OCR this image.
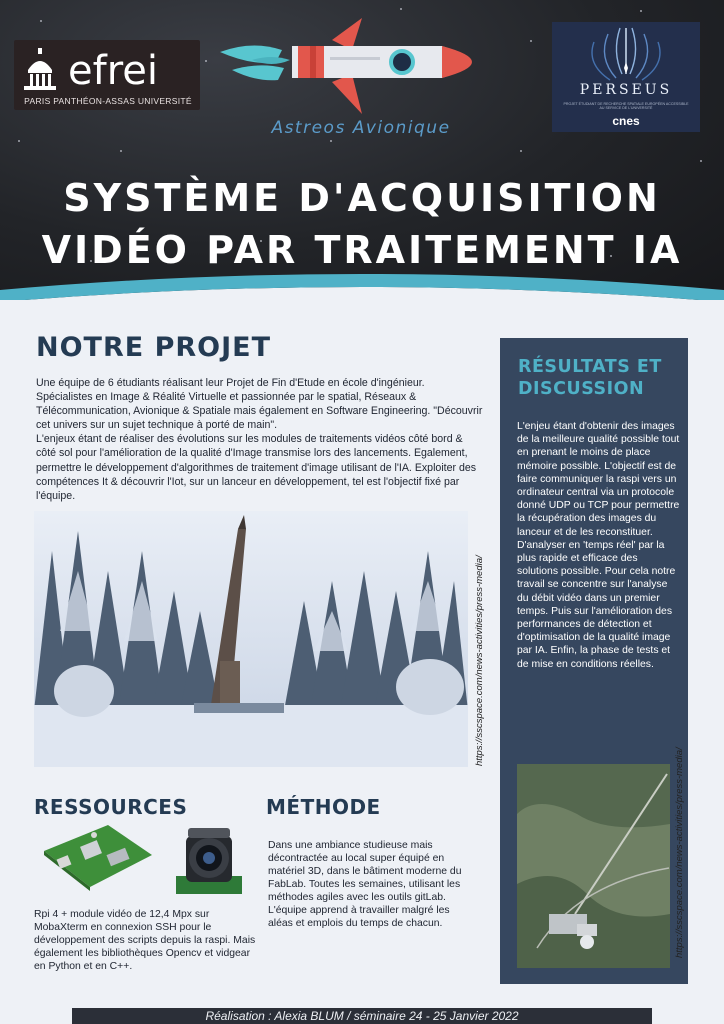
efrei
PARIS PANTHÉON-ASSAS UNIVERSITÉ
Astreos Avionique
PERSEUS
PROJET ÉTUDIANT DE RECHERCHE SPATIALE EUROPÉEN ACCESSIBLE AU SERVICE DE L'UNIVERSITÉ
cnes
SYSTÈME D'ACQUISITION
VIDÉO PAR TRAITEMENT IA
NOTRE PROJET

Une équipe de 6 étudiants réalisant leur Projet de Fin d'Etude en école d'ingénieur. Spécialistes en Image & Réalité Virtuelle et passionnée par le spatial, Réseaux & Télécommunication, Avionique & Spatiale mais également en Software Engineering. "Découvrir cet univers sur un sujet technique à porté de main".

L'enjeux étant de réaliser des évolutions sur les modules de traitements vidéos côté bord & côté sol pour l'amélioration de la qualité d'Image transmise lors des lancements. Egalement, permettre le développement d'algorithmes de traitement d'image utilisant de l'IA. Exploiter des compétences It & découvrir l'Iot, sur un lanceur en développement, tel est l'objectif fixé par l'équipe.

https://sscspace.com/news-activities/press-media/
RESSOURCES
Rpi 4 + module vidéo de 12,4 Mpx sur MobaXterm en connexion SSH pour le développement des scripts depuis la raspi. Mais également les bibliothèques Opencv et vidgear en Python et en C++.
MÉTHODE
Dans une ambiance studieuse mais décontractée au local super équipé en matériel 3D, dans le bâtiment moderne du FabLab. Toutes les semaines, utilisant les méthodes agiles avec les outils gitLab. L'équipe apprend à travailler malgré les aléas et emplois du temps de chacun.
RÉSULTATS ET DISCUSSION
L'enjeu étant d'obtenir des images de la meilleure qualité possible tout en prenant le moins de place mémoire possible. L'objectif est de faire communiquer la raspi vers un ordinateur central via un protocole donné UDP ou TCP pour permettre la récupération des images du lanceur et de les reconstituer. D'analyser en 'temps réel' par la plus rapide et efficace des solutions possible. Pour cela notre travail se concentre sur l'analyse du débit vidéo dans un premier temps. Puis sur l'amélioration des performances de détection et d'optimisation de la qualité image par IA. Enfin, la phase de tests et de mise en conditions réelles.
https://sscspace.com/news-activities/press-media/
Réalisation : Alexia BLUM / séminaire 24 - 25 Janvier 2022
